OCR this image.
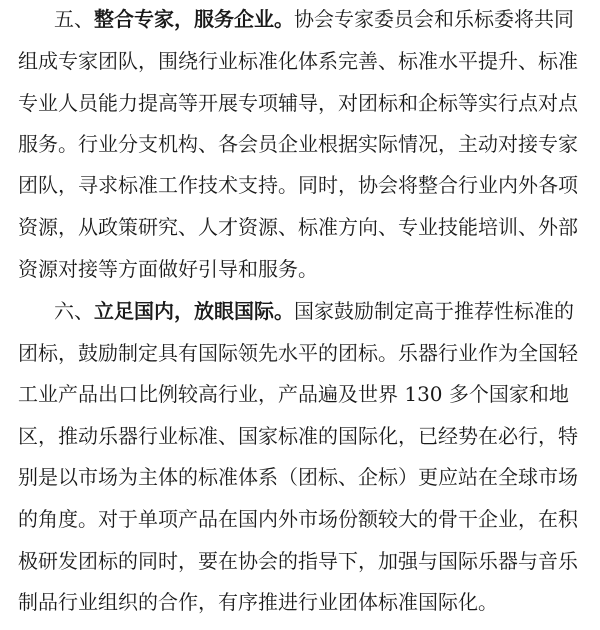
五、整合专家，服务企业。协会专家委员会和乐标委将共同
组成专家团队，围绕行业标准化体系完善、标准水平提升、标准
专业人员能力提高等开展专项辅导，对团标和企标等实行点对点
服务。行业分支机构、各会员企业根据实际情况，主动对接专家
团队，寻求标准工作技术支持。同时，协会将整合行业内外各项
资源，从政策研究、人才资源、标准方向、专业技能培训、外部
资源对接等方面做好引导和服务。
六、立足国内，放眼国际。国家鼓励制定高于推荐性标准的
团标，鼓励制定具有国际领先水平的团标。乐器行业作为全国轻
工业产品出口比例较高行业，产品遍及世界 130 多个国家和地
区，推动乐器行业标准、国家标准的国际化，已经势在必行，特
别是以市场为主体的标准体系（团标、企标）更应站在全球市场
的角度。对于单项产品在国内外市场份额较大的骨干企业，在积
极研发团标的同时，要在协会的指导下，加强与国际乐器与音乐
制品行业组织的合作，有序推进行业团体标准国际化。
